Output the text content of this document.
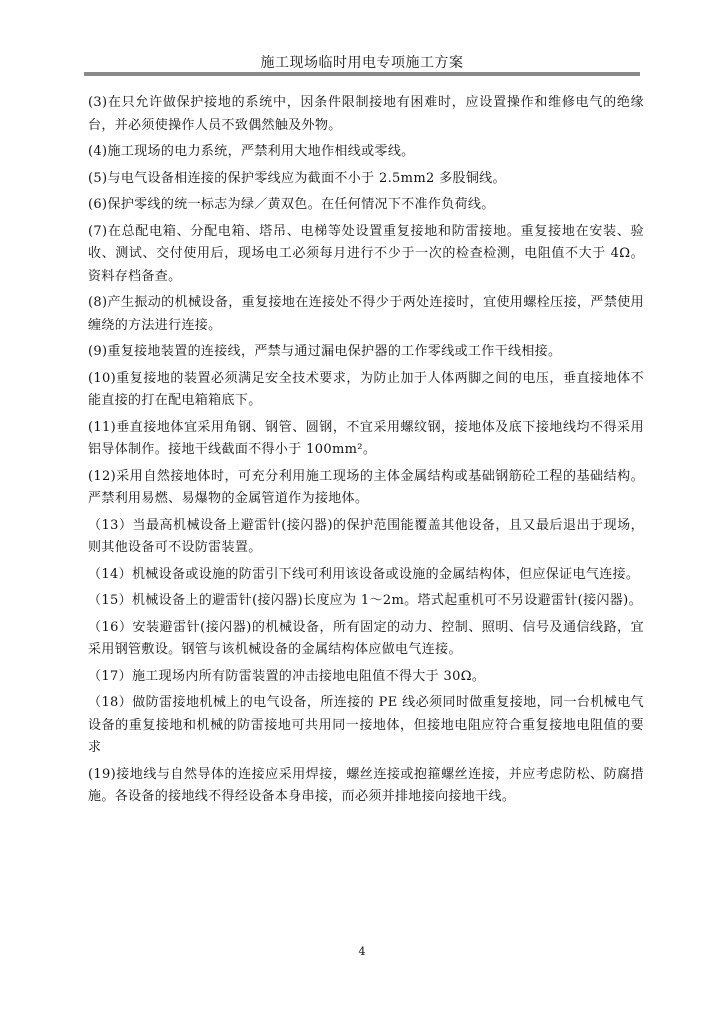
施工现场临时用电专项施工方案

(3)在只允许做保护接地的系统中，因条件限制接地有困难时，应设置操作和维修电气的绝缘台，并必须使操作人员不致偶然触及外物。

(4)施工现场的电力系统，严禁利用大地作相线或零线。

(5)与电气设备相连接的保护零线应为截面不小于 2.5mm2 多股铜线。

(6)保护零线的统一标志为绿／黄双色。在任何情况下不准作负荷线。

(7)在总配电箱、分配电箱、塔吊、电梯等处设置重复接地和防雷接地。重复接地在安装、验收、测试、交付使用后，现场电工必须每月进行不少于一次的检查检测，电阻值不大于 4Ω。资料存档备查。

(8)产生振动的机械设备，重复接地在连接处不得少于两处连接时，宜使用螺栓压接，严禁使用缠绕的方法进行连接。

(9)重复接地装置的连接线，严禁与通过漏电保护器的工作零线或工作干线相接。

(10)重复接地的装置必须满足安全技术要求，为防止加于人体两脚之间的电压，垂直接地体不能直接的打在配电箱箱底下。

(11)垂直接地体宜采用角钢、钢管、圆钢，不宜采用螺纹钢，接地体及底下接地线均不得采用铝导体制作。接地干线截面不得小于 100mm²。

(12)采用自然接地体时，可充分利用施工现场的主体金属结构或基础钢筋砼工程的基础结构。严禁利用易燃、易爆物的金属管道作为接地体。

（13）当最高机械设备上避雷针(接闪器)的保护范围能覆盖其他设备，且又最后退出于现场，则其他设备可不设防雷装置。

（14）机械设备或设施的防雷引下线可利用该设备或设施的金属结构体，但应保证电气连接。

（15）机械设备上的避雷针(接闪器)长度应为 1～2m。塔式起重机可不另设避雷针(接闪器)。

（16）安装避雷针(接闪器)的机械设备，所有固定的动力、控制、照明、信号及通信线路，宜采用钢管敷设。钢管与该机械设备的金属结构体应做电气连接。

（17）施工现场内所有防雷装置的冲击接地电阻值不得大于 30Ω。

（18）做防雷接地机械上的电气设备，所连接的 PE 线必须同时做重复接地，同一台机械电气设备的重复接地和机械的防雷接地可共用同一接地体，但接地电阻应符合重复接地电阻值的要求

(19)接地线与自然导体的连接应采用焊接，螺丝连接或抱箍螺丝连接，并应考虑防松、防腐措施。各设备的接地线不得经设备本身串接，而必须并排地接向接地干线。

4
